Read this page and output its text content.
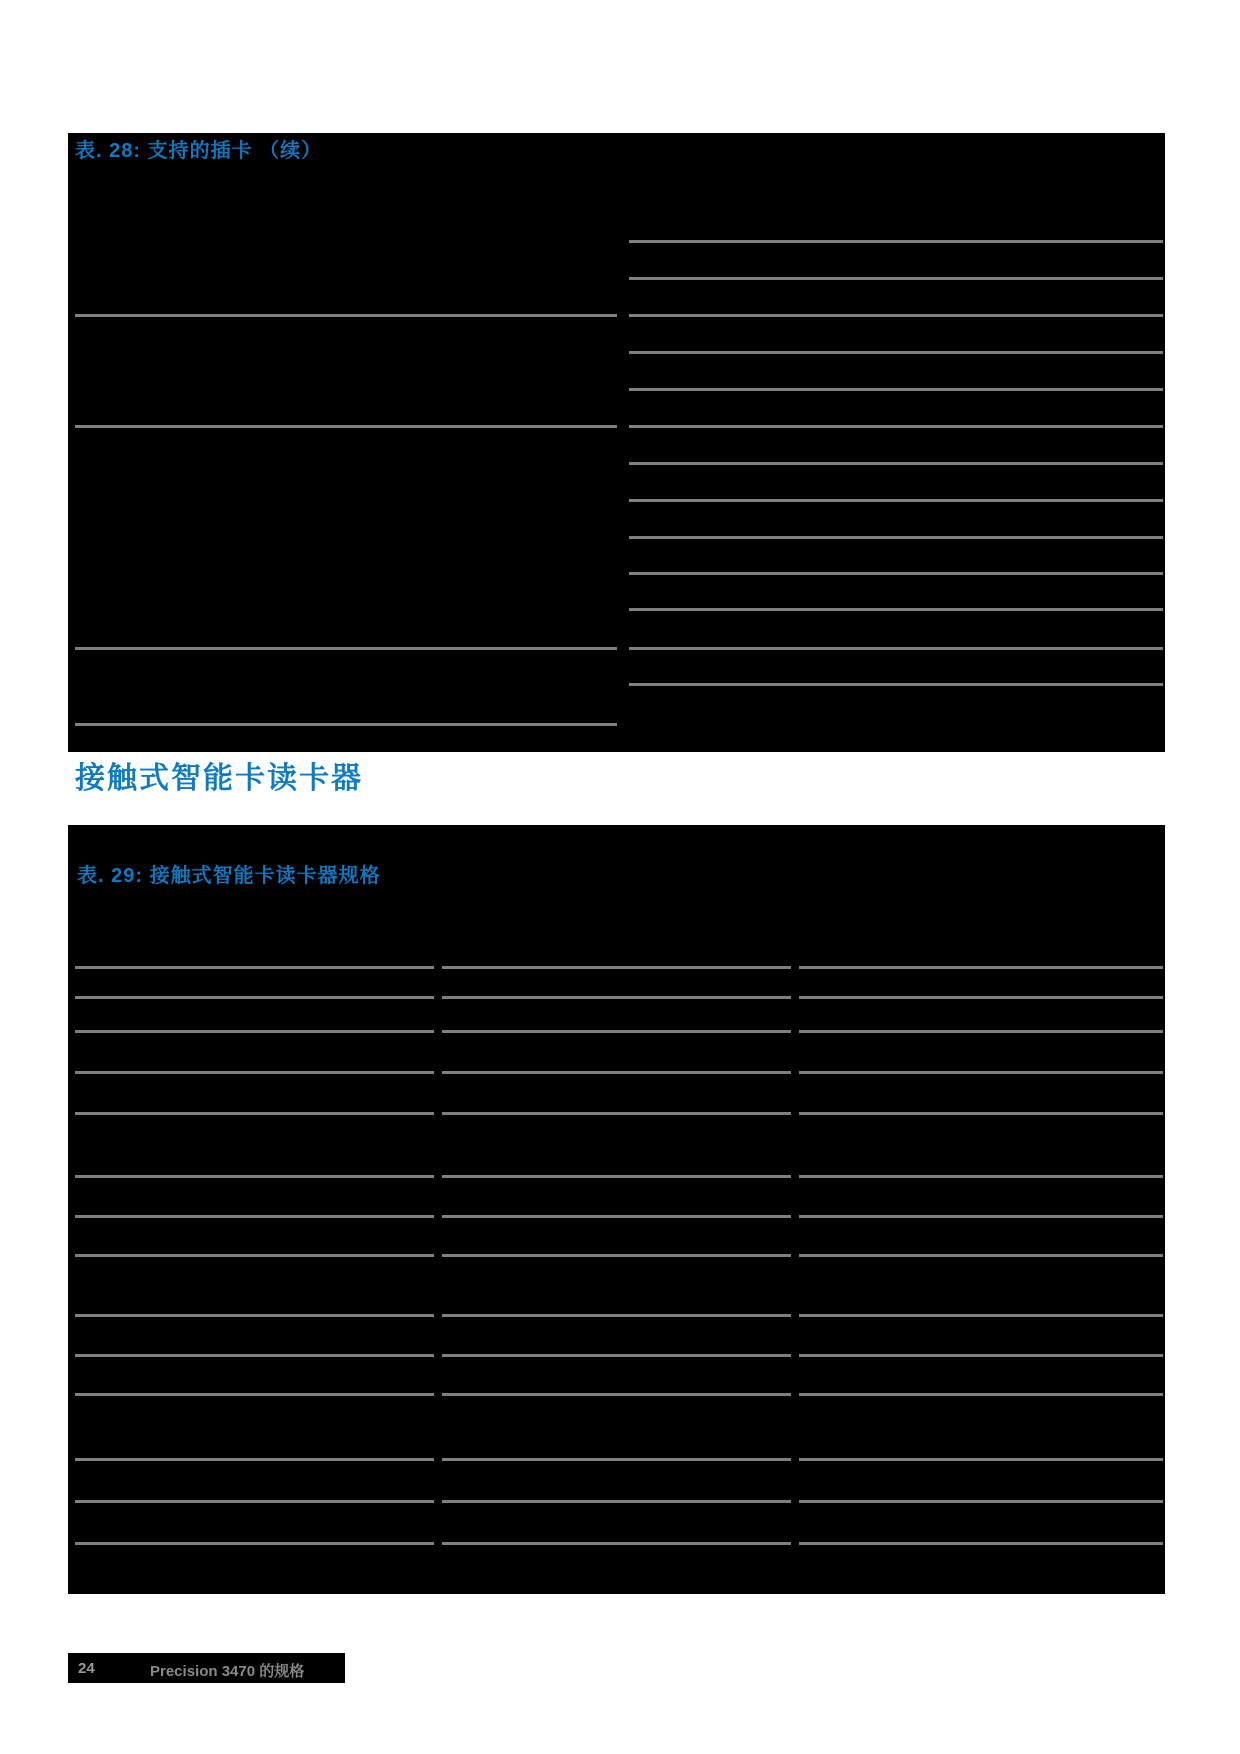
表. 28: 支持的插卡 （续）
接触式智能卡读卡器
表. 29: 接触式智能卡读卡器规格
24	Precision 3470 的规格
